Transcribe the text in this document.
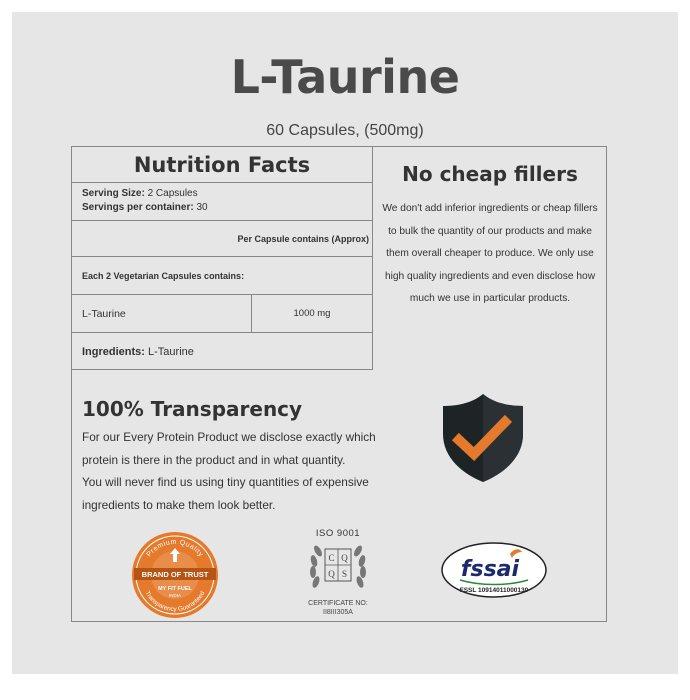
L-Taurine
60 Capsules, (500mg)
Nutrition Facts
Serving Size: 2 Capsules
Servings per container: 30
Per Capsule contains (Approx)
Each 2 Vegetarian Capsules contains:
L-Taurine	1000 mg
Ingredients: L-Taurine
No cheap fillers
We don't add inferior ingredients or cheap fillers
to bulk the quantity of our products and make
them overall cheaper to produce. We only use
high quality ingredients and even disclose how
much we use in particular products.
100% Transparency
For our Every Protein Product we disclose exactly which
protein is there in the product and in what quantity.
You will never find us using tiny quantities of expensive
ingredients to make them look better.
Premium Quality
Transparency Guaranteed
BRAND OF TRUST
MY FIT FUEL
INDIA
ISO 9001
C Q
Q S
CERTIFICATE NO:
II8III305A
fssai
FSSL 10914011000130
